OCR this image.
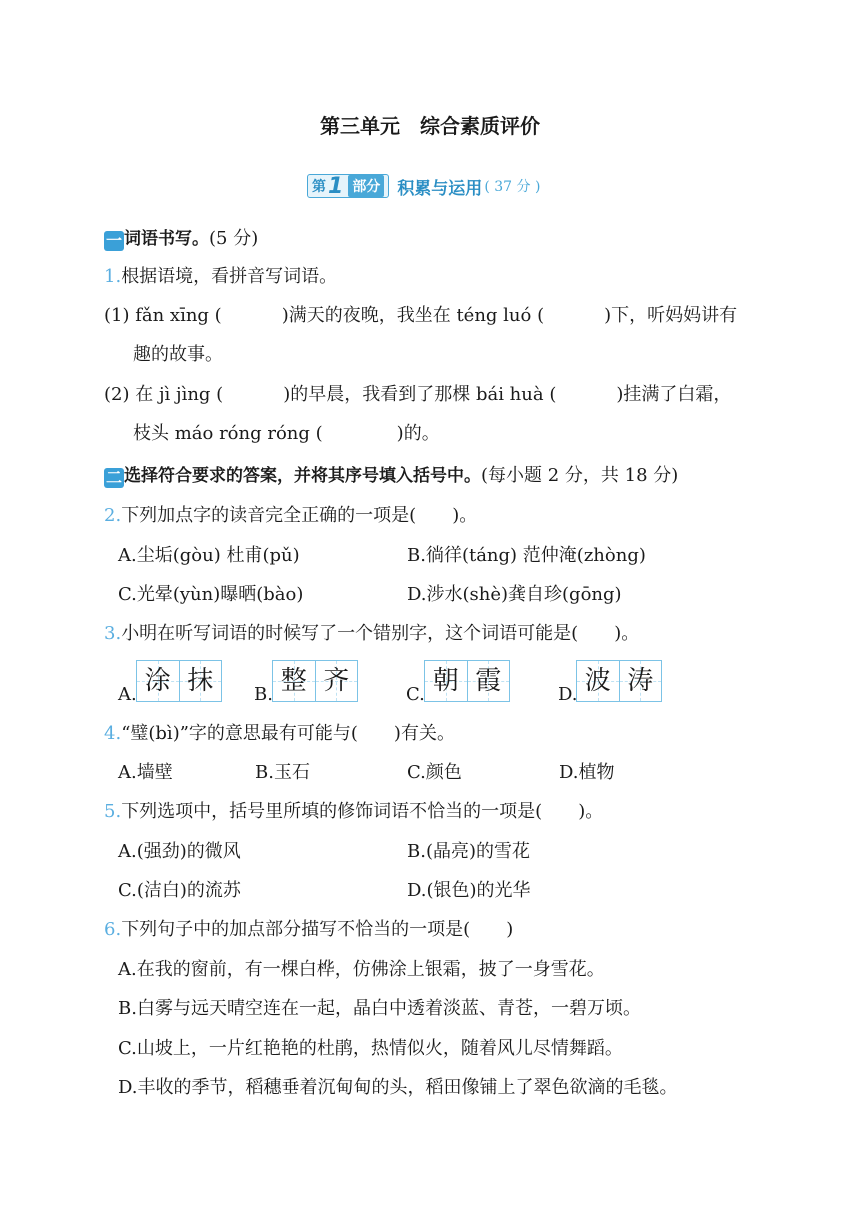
第三单元　综合素质评价
第 1 部分 积累与运用 ( 37 分 )
一 词语书写。(5 分)
1.根据语境，看拼音写词语。
(1) fǎn xīng (	)满天的夜晚，我坐在 téng luó (	)下，听妈妈讲有
趣的故事。
(2) 在 jì jìng (	)的早晨，我看到了那棵 bái huà (	)挂满了白霜，
枝头 máo róng róng (	)的。
二 选择符合要求的答案，并将其序号填入括号中。(每小题 2 分，共 18 分)
2.下列加点字的读音完全正确的一项是(　　)。
A.尘垢(gòu) 杜甫(pǔ)	B.徜徉(táng) 范仲淹(zhòng)
C.光晕(yùn)曝晒(bào)	D.涉水(shè)龚自珍(gōng)
3.小明在听写词语的时候写了一个错别字，这个词语可能是(　　)。
A. 涂 抹	B. 整 齐	C. 朝 霞	D. 波 涛
4.“璧(bì)”字的意思最有可能与(　　)有关。
A.墙壁	B.玉石	C.颜色	D.植物
5.下列选项中，括号里所填的修饰词语不恰当的一项是(　　)。
A.(强劲)的微风	B.(晶亮)的雪花
C.(洁白)的流苏	D.(银色)的光华
6.下列句子中的加点部分描写不恰当的一项是(　　)
A.在我的窗前，有一棵白桦，仿佛涂上银霜，披了一身雪花。
B.白雾与远天晴空连在一起，晶白中透着淡蓝、青苍，一碧万顷。
C.山坡上，一片红艳艳的杜鹃，热情似火，随着风儿尽情舞蹈。
D.丰收的季节，稻穗垂着沉甸甸的头，稻田像铺上了翠色欲滴的毛毯。
